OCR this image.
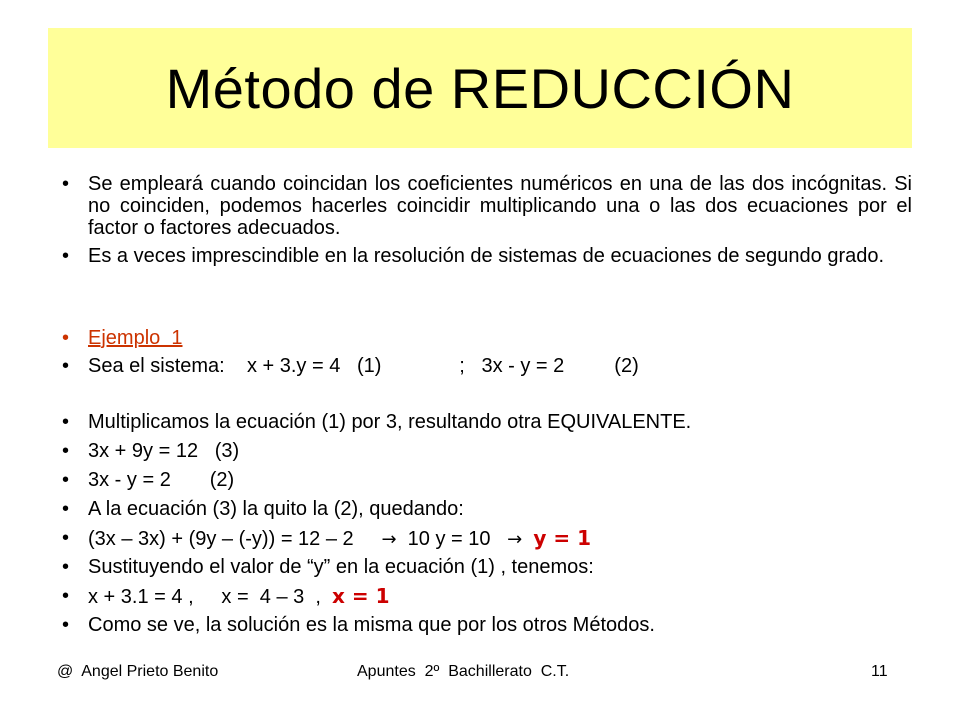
Método de REDUCCIÓN
• Se empleará cuando coincidan los coeficientes numéricos en una de las dos incógnitas. Si no coinciden, podemos hacerles coincidir multiplicando una o las dos ecuaciones por el factor o factores adecuados.
• Es a veces imprescindible en la resolución de sistemas de ecuaciones de segundo grado.

•

Ejemplo  1

•

Sea el sistema:    x + 3.y = 4   (1)              ;   3x - y = 2         (2)

•

Multiplicamos la ecuación (1) por 3, resultando otra EQUIVALENTE.

•

3x + 9y = 12   (3)

•

3x - y = 2       (2)

•

A la ecuación (3) la quito la (2), quedando:

•

(3x – 3x) + (9y – (-y)) = 12 – 2     →  10 y = 10   → y = 1

•

Sustituyendo el valor de “y” en la ecuación (1) , tenemos:

•

x + 3.1 = 4 ,     x =  4 – 3  ,  x = 1

•

Como se ve, la solución es la misma que por los otros Métodos.

@  Angel Prieto Benito	Apuntes  2º  Bachillerato  C.T.	11
